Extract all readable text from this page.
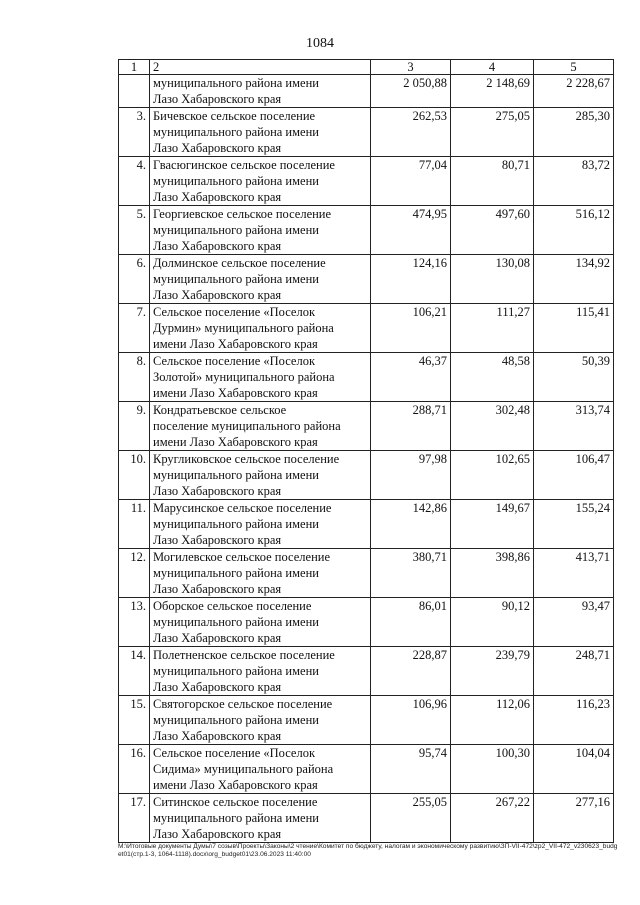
1084
1	2	3	4	5

	муниципального района имени
Лазо Хабаровского края	2 050,88	2 148,69	2 228,67
3.	Бичевское сельское поселение
муниципального района имени
Лазо Хабаровского края	262,53	275,05	285,30
4.	Гвасюгинское сельское поселение
муниципального района имени
Лазо Хабаровского края	77,04	80,71	83,72
5.	Георгиевское сельское поселение
муниципального района имени
Лазо Хабаровского края	474,95	497,60	516,12
6.	Долминское сельское поселение
муниципального района имени
Лазо Хабаровского края	124,16	130,08	134,92
7.	Сельское поселение «Поселок
Дурмин» муниципального района
имени Лазо Хабаровского края	106,21	111,27	115,41
8.	Сельское поселение «Поселок
Золотой» муниципального района
имени Лазо Хабаровского края	46,37	48,58	50,39
9.	Кондратьевское сельское
поселение муниципального района
имени Лазо Хабаровского края	288,71	302,48	313,74
10.	Кругликовское сельское поселение
муниципального района имени
Лазо Хабаровского края	97,98	102,65	106,47
11.	Марусинское сельское поселение
муниципального района имени
Лазо Хабаровского края	142,86	149,67	155,24
12.	Могилевское сельское поселение
муниципального района имени
Лазо Хабаровского края	380,71	398,86	413,71
13.	Оборское сельское поселение
муниципального района имени
Лазо Хабаровского края	86,01	90,12	93,47
14.	Полетненское сельское поселение
муниципального района имени
Лазо Хабаровского края	228,87	239,79	248,71
15.	Святогорское сельское поселение
муниципального района имени
Лазо Хабаровского края	106,96	112,06	116,23
16.	Сельское поселение «Поселок
Сидима» муниципального района
имени Лазо Хабаровского края	95,74	100,30	104,04
17.	Ситинское сельское поселение
муниципального района имени
Лазо Хабаровского края	255,05	267,22	277,16
М:\Итоговые документы Думы\7 созыв\Проекты\Законы\2 чтение\Комитет по бюджету, налогам и экономическому развитию\ЗП-VII-472\zp2_VII-472_v230623_budget01(стр.1-3, 1064-1118).docx\org_budget01\23.06.2023 11:40:00
